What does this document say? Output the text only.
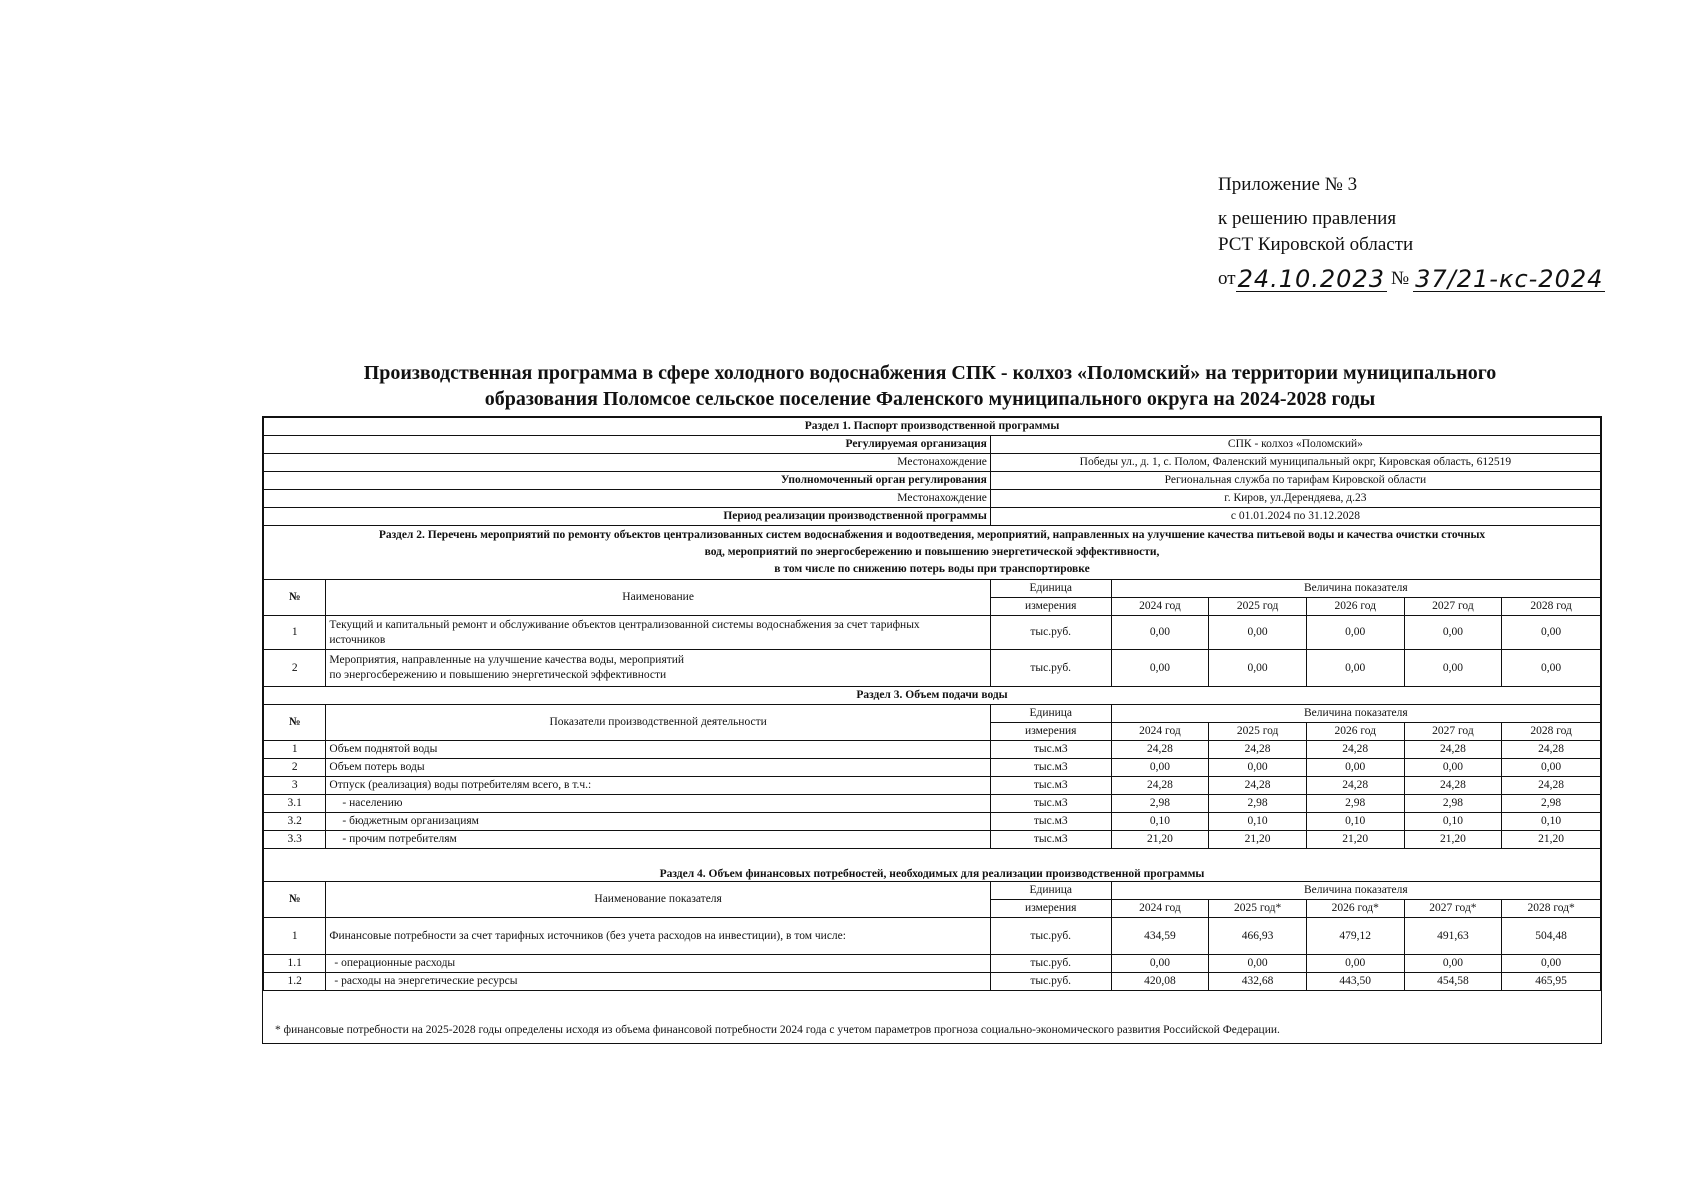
Приложение № 3
к решению правления
РСТ Кировской области
от 24.10.2023 № 37/21-кс-2024
Производственная программа в сфере холодного водоснабжения СПК - колхоз «Поломский» на территории муниципального
образования Поломсое сельское поселение Фаленского муниципального округа на 2024-2028 годы
Раздел 1. Паспорт производственной программы							
Регулируемая организация		СПК - колхоз «Поломский»					
Местонахождение		Победы ул., д. 1, с. Полом, Фаленский муниципальный окрг, Кировская область, 612519					
Уполномоченный орган регулирования		Региональная служба по тарифам Кировской области					
Местонахождение		г. Киров, ул.Дерендяева, д.23					
Период реализации производственной программы		с 01.01.2024 по 31.12.2028					

Раздел 2. Перечень мероприятий по ремонту объектов централизованных систем водоснабжения и водоотведения, мероприятий, направленных на улучшение качества питьевой воды и качества очистки сточных
вод, мероприятий по энергосбережению и повышению энергетической эффективности,
в том числе по снижению потерь воды при транспортировке							

№	Наименование	Единица	Величина показателя				
		измерения	2024 год	2025 год	2026 год	2027 год	2028 год
1	Текущий и капитальный ремонт и обслуживание объектов централизованной системы водоснабжения за счет тарифных источников	тыс.руб.	0,00	0,00	0,00	0,00	0,00
2	Мероприятия, направленные на улучшение качества воды, мероприятий
по энергосбережению и повышению энергетической эффективности	тыс.руб.	0,00	0,00	0,00	0,00	0,00
Раздел 3. Объем подачи воды							
№	Показатели производственной деятельности	Единица	Величина показателя				
		измерения	2024 год	2025 год	2026 год	2027 год	2028 год
1	Объем поднятой воды	тыс.м3	24,28	24,28	24,28	24,28	24,28
2	Объем потерь воды	тыс.м3	0,00	0,00	0,00	0,00	0,00
3	Отпуск (реализация) воды потребителям всего, в т.ч.:	тыс.м3	24,28	24,28	24,28	24,28	24,28
3.1	- населению	тыс.м3	2,98	2,98	2,98	2,98	2,98
3.2	- бюджетным организациям	тыс.м3	0,10	0,10	0,10	0,10	0,10
3.3	- прочим потребителям	тыс.м3	21,20	21,20	21,20	21,20	21,20
Раздел 4. Объем финансовых потребностей, необходимых для реализации производственной программы							
№	Наименование показателя	Единица	Величина показателя				
		измерения	2024 год	2025 год*	2026 год*	2027 год*	2028 год*
1	Финансовые потребности за счет тарифных источников (без учета расходов на инвестиции), в том числе:	тыс.руб.	434,59	466,93	479,12	491,63	504,48
1.1	- операционные расходы	тыс.руб.	0,00	0,00	0,00	0,00	0,00
1.2	- расходы на энергетические ресурсы	тыс.руб.	420,08	432,68	443,50	454,58	465,95
* финансовые потребности на 2025-2028 годы определены исходя из объема финансовой потребности 2024 года с учетом параметров прогноза социально-экономического развития Российской Федерации.
